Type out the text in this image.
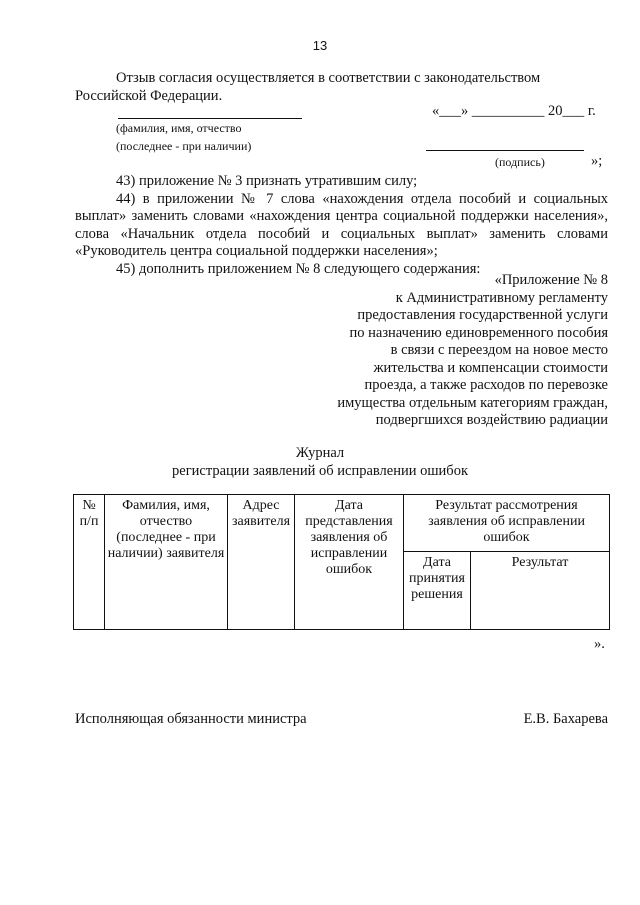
13
Отзыв согласия осуществляется в соответствии с законодательством
Российской Федерации.
«___» __________ 20___ г.
(фамилия, имя, отчество
(последнее - при наличии)
(подпись)	»;
43) приложение № 3 признать утратившим силу;
44) в приложении № 7 слова «нахождения отдела пособий и социальных выплат» заменить словами «нахождения центра социальной поддержки населения», слова «Начальник отдела пособий и социальных выплат» заменить словами «Руководитель центра социальной поддержки населения»;
45) дополнить приложением № 8 следующего содержания:
«Приложение № 8
к Административному регламенту
предоставления государственной услуги
по назначению единовременного пособия
в связи с переездом на новое место
жительства и компенсации стоимости
проезда, а также расходов по перевозке
имущества отдельным категориям граждан,
подвергшихся воздействию радиации
Журнал
регистрации заявлений об исправлении ошибок
№ п/п	Фамилия, имя, отчество (последнее - при наличии) заявителя	Адрес заявителя	Дата представления заявления об исправлении ошибок	Результат рассмотрения заявления об исправлении ошибок	
				Дата принятия решения	Результат
».
Исполняющая обязанности министра	Е.В. Бахарева
